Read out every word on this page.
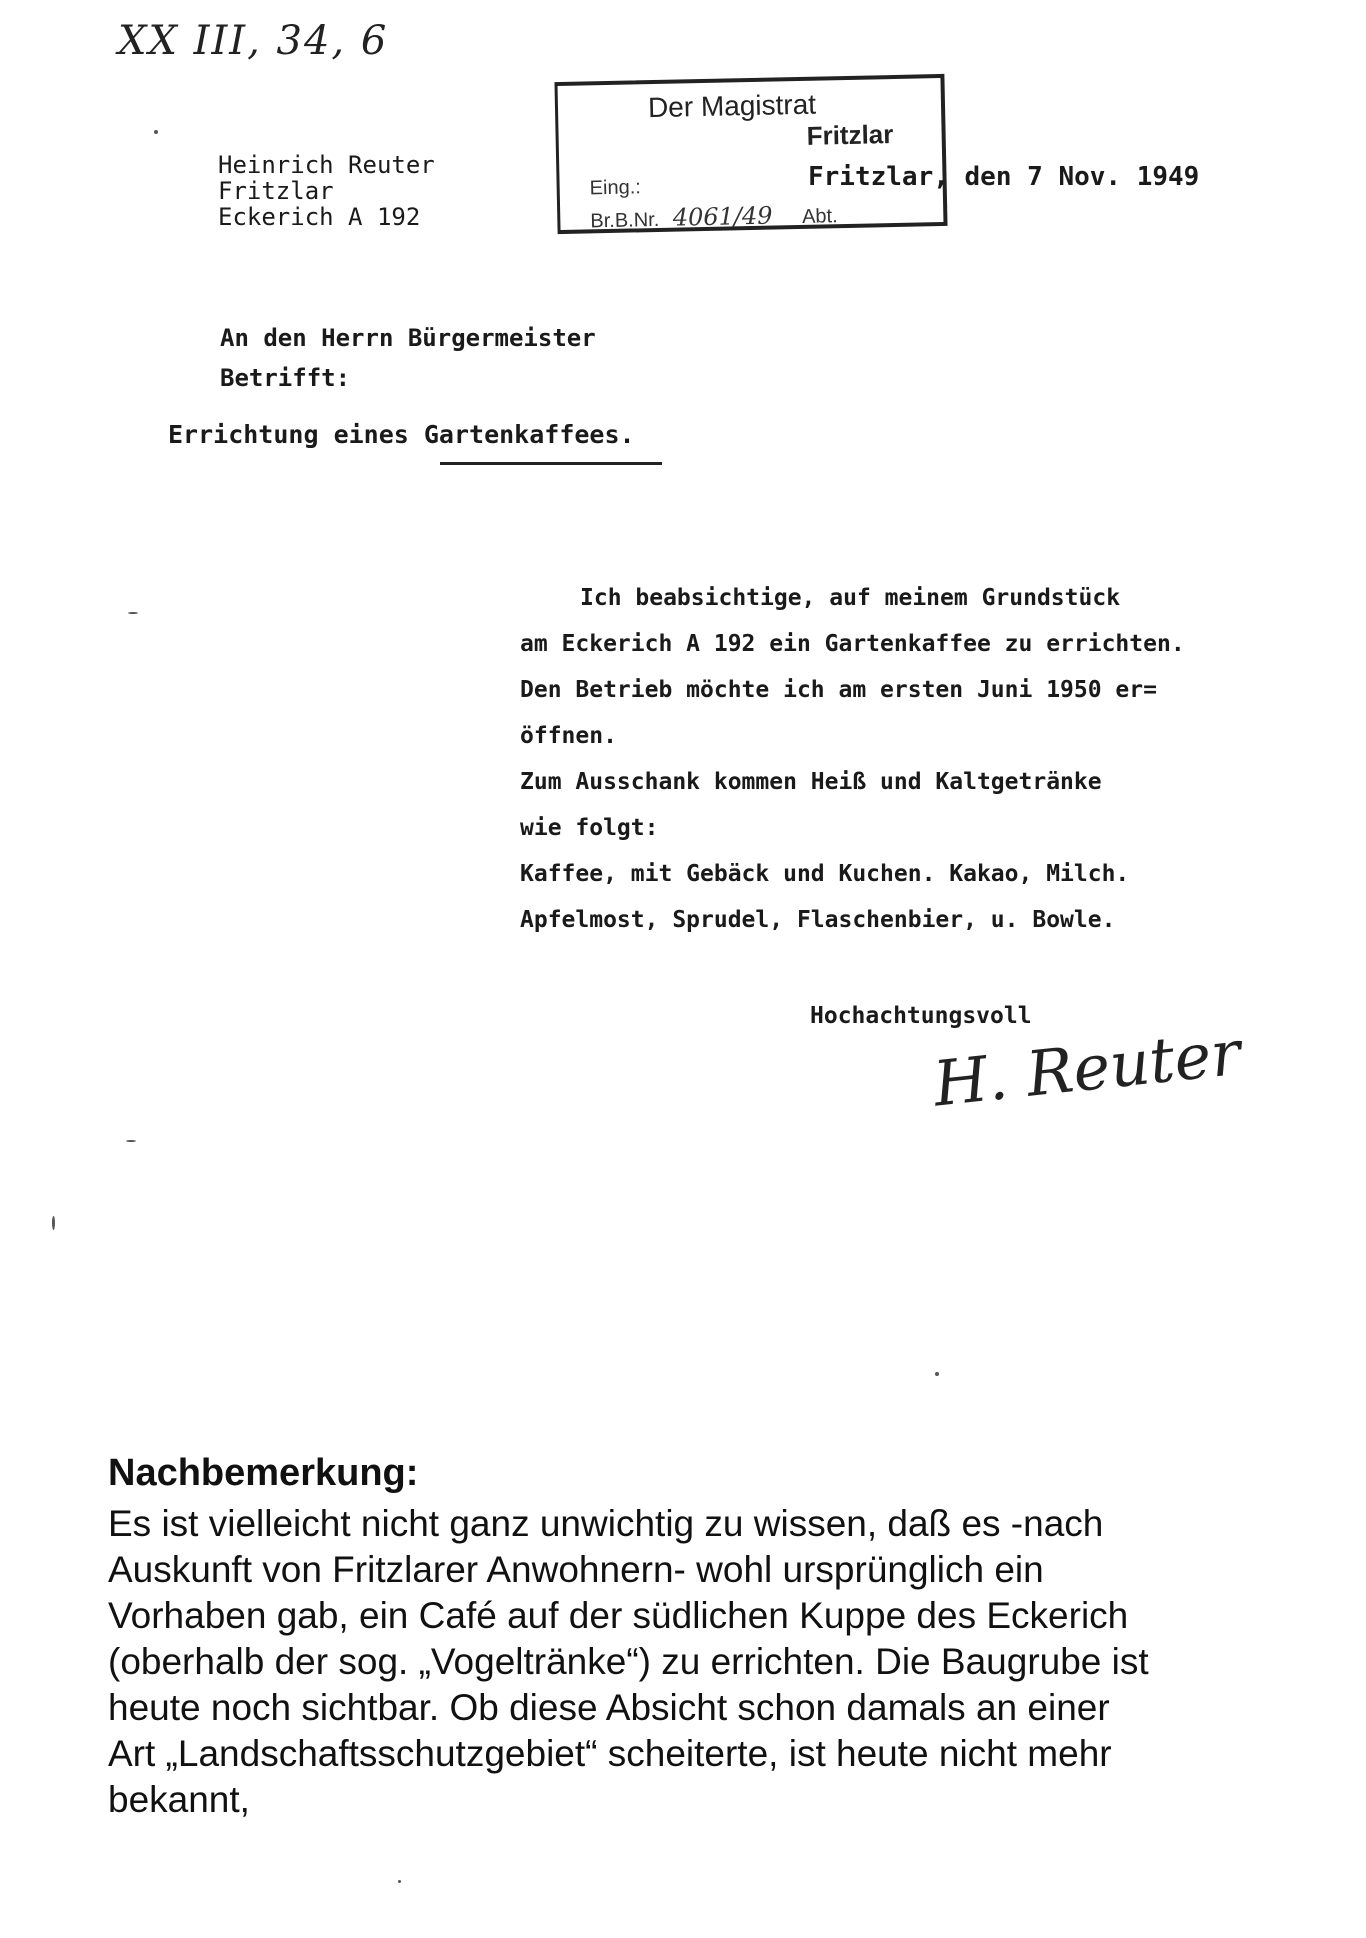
XX III, 34, 6
Heinrich Reuter
Fritzlar
Eckerich A 192
Der Magistrat
Fritzlar
Eing.:
Br.B.Nr. 4061/49 Abt.
Fritzlar, den 7 Nov. 1949
An den Herrn Bürgermeister
Betrifft:
Errichtung eines Gartenkaffees.
Ich beabsichtige, auf meinem Grundstück
am Eckerich A 192 ein Gartenkaffee zu errichten.
Den Betrieb möchte ich am ersten Juni 1950 er=
öffnen.
Zum Ausschank kommen Heiß und Kaltgetränke
wie folgt:
Kaffee, mit Gebäck und Kuchen. Kakao, Milch.
Apfelmost, Sprudel, Flaschenbier, u. Bowle.
Hochachtungsvoll
H. Reuter
Nachbemerkung:
Es ist vielleicht nicht ganz unwichtig zu wissen, daß es -nach
Auskunft von Fritzlarer Anwohnern- wohl ursprünglich ein
Vorhaben gab, ein Café auf der südlichen Kuppe des Eckerich
(oberhalb der sog. „Vogeltränke“) zu errichten. Die Baugrube ist
heute noch sichtbar. Ob diese Absicht schon damals an einer
Art „Landschaftsschutzgebiet“ scheiterte, ist heute nicht mehr
bekannt,
